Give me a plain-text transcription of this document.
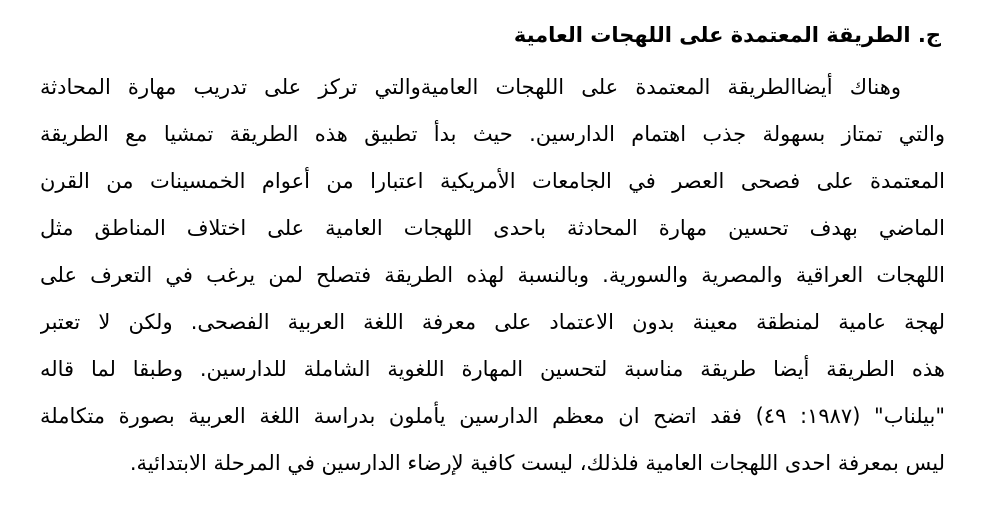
ج. الطريقة المعتمدة على اللهجات العامية
وهناك أيضاالطريقة المعتمدة على اللهجات العاميةوالتي تركز على تدريب مهارة المحادثة
والتي تمتاز بسهولة جذب اهتمام الدارسين. حيث بدأ تطبيق هذه الطريقة تمشيا مع الطريقة
المعتمدة على فصحى العصر في الجامعات الأمريكية اعتبارا من أعوام الخمسينات من القرن
الماضي بهدف تحسين مهارة المحادثة باحدى اللهجات العامية على اختلاف المناطق مثل
اللهجات العراقية والمصرية والسورية. وبالنسبة لهذه الطريقة فتصلح لمن يرغب في التعرف على
لهجة عامية لمنطقة معينة بدون الاعتماد على معرفة اللغة العربية الفصحى. ولكن لا تعتبر
هذه الطريقة أيضا طريقة مناسبة لتحسين المهارة اللغوية الشاملة للدارسين. وطبقا لما قاله
"بيلناب" (١٩٨٧: ٤٩) فقد اتضح ان معظم الدارسين يأملون بدراسة اللغة العربية بصورة متكاملة
ليس بمعرفة احدى اللهجات العامية فلذلك، ليست كافية لإرضاء الدارسين في المرحلة الابتدائية.
